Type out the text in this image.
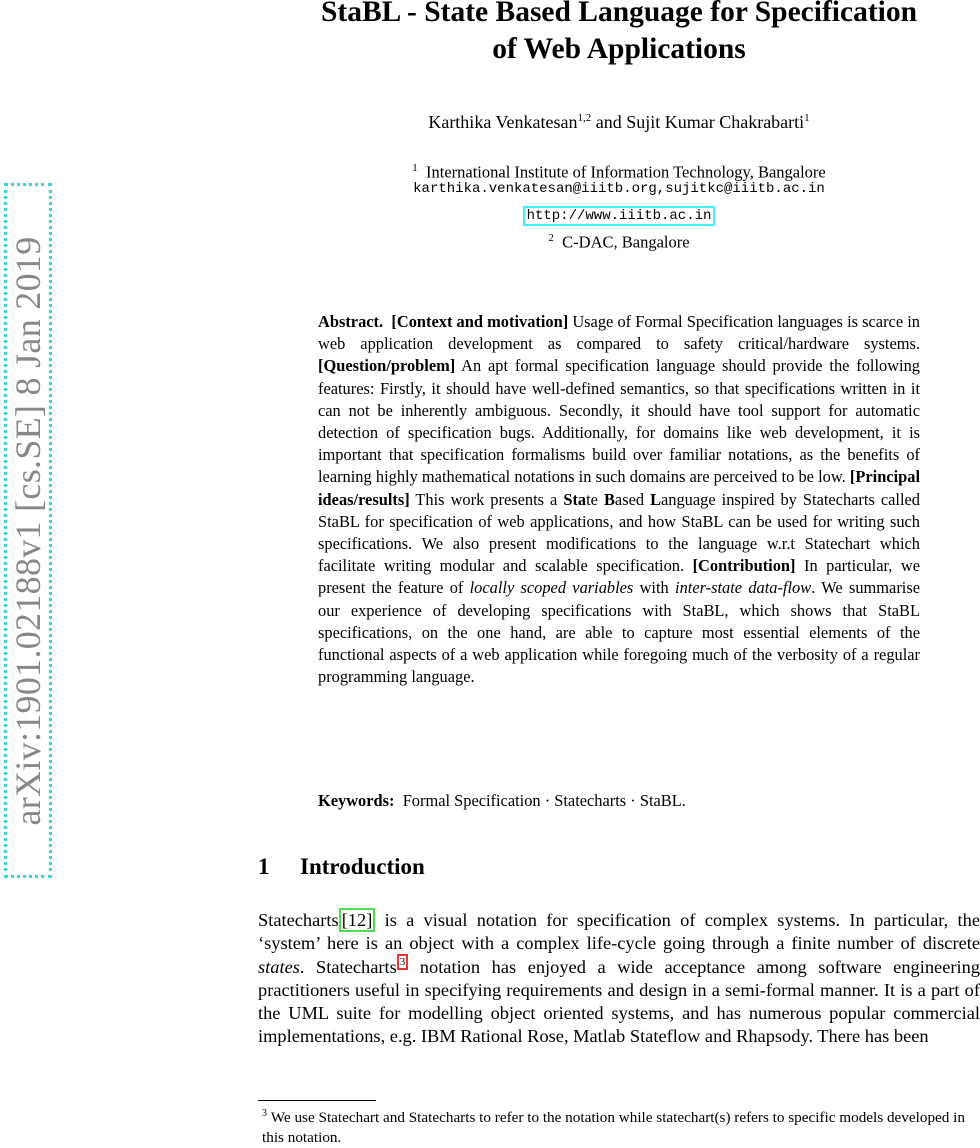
arXiv:1901.02188v1 [cs.SE] 8 Jan 2019
StaBL - State Based Language for Specification
of Web Applications
Karthika Venkatesan$^{1,2}$ and Sujit Kumar Chakrabarti$^1$
$^1$ International Institute of Information Technology, Bangalore
karthika.venkatesan@iiitb.org,sujitkc@iiitb.ac.in
http://www.iiitb.ac.in
$^2$ C-DAC, Bangalore

Abstract. [Context and motivation] Usage of Formal Specification languages is scarce in web application development as compared to safety critical/hardware systems. [Question/problem] An apt formal specification language should provide the following features: Firstly, it should have well-defined semantics, so that specifications written in it can not be inherently ambiguous. Secondly, it should have tool support for automatic detection of specification bugs. Additionally, for domains like web development, it is important that specification formalisms build over familiar notations, as the benefits of learning highly mathematical notations in such domains are perceived to be low. [Principal ideas/results] This work presents a State Based Language inspired by Statecharts called StaBL for specification of web applications, and how StaBL can be used for writing such specifications. We also present modifications to the language w.r.t Statechart which facilitate writing modular and scalable specification. [Contribution] In particular, we present the feature of locally scoped variables with inter-state data-flow. We summarise our experience of developing specifications with StaBL, which shows that StaBL specifications, on the one hand, are able to capture most essential elements of the functional aspects of a web application while foregoing much of the verbosity of a regular programming language.

Keywords: Formal Specification · Statecharts · StaBL.

1 Introduction

Statecharts [12] is a visual notation for specification of complex systems. In particular, the ‘system’ here is an object with a complex life-cycle going through a finite number of discrete states. Statecharts $^3$ notation has enjoyed a wide acceptance among software engineering practitioners useful in specifying requirements and design in a semi-formal manner. It is a part of the UML suite for modelling object oriented systems, and has numerous popular commercial implementations, e.g. IBM Rational Rose, Matlab Stateflow and Rhapsody. There has been

$^3$ We use Statechart and Statecharts to refer to the notation while statechart(s) refers to specific models developed in this notation.
